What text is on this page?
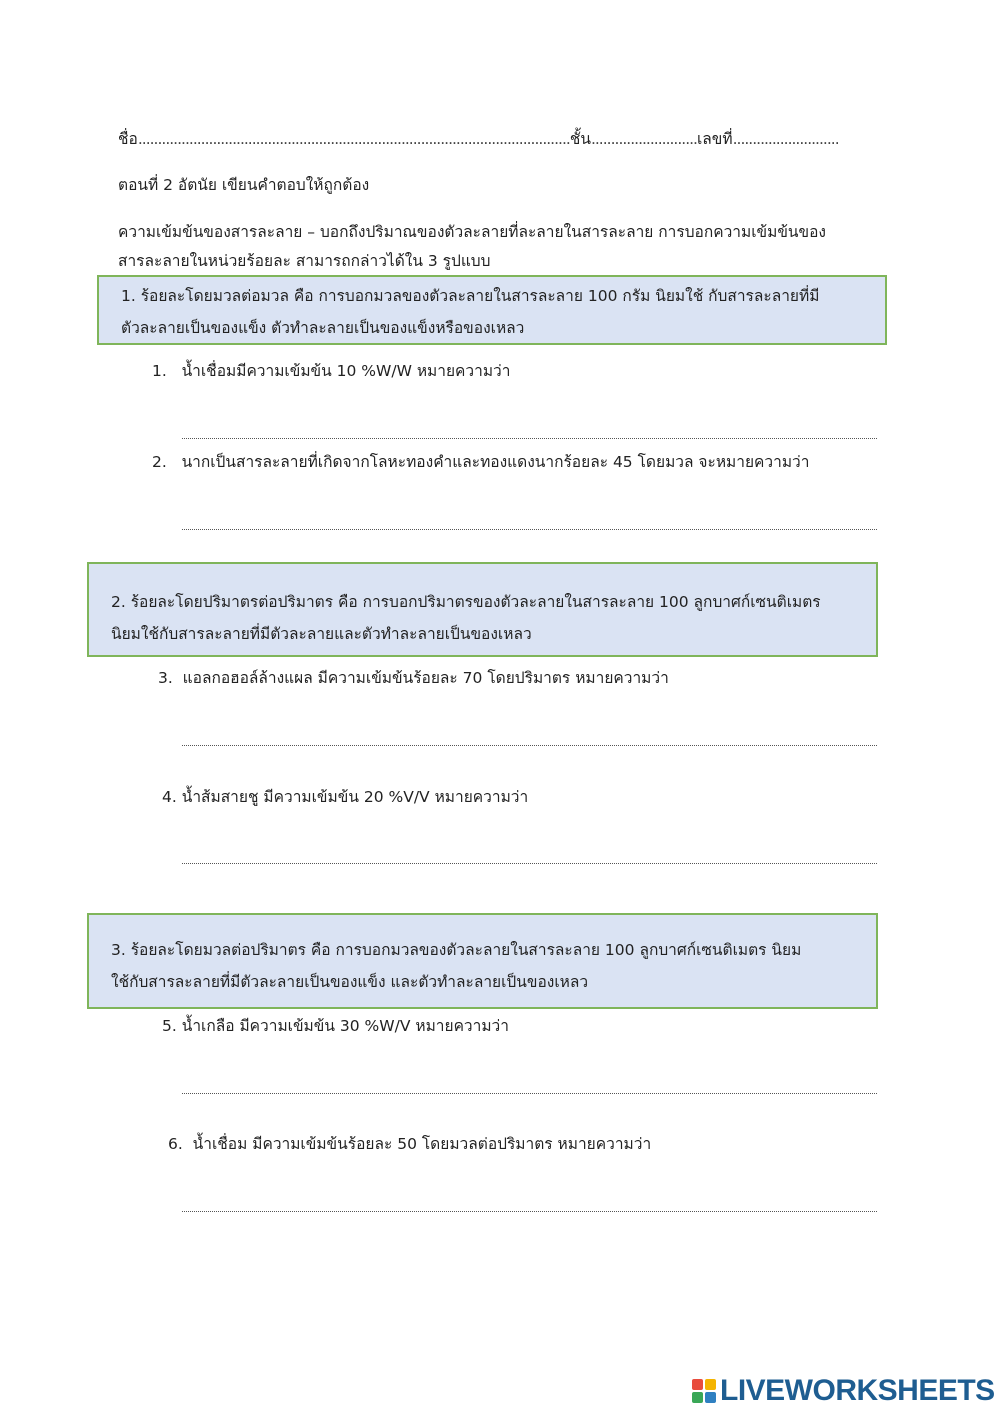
ชื่อ..............................................................................................................ชั้น...........................เลขที่...........................
ตอนที่ 2 อัตนัย เขียนคำตอบให้ถูกต้อง
ความเข้มข้นของสารละลาย – บอกถึงปริมาณของตัวละลายที่ละลายในสารละลาย การบอกความเข้มข้นของ
สารละลายในหน่วยร้อยละ สามารถกล่าวได้ใน 3 รูปแบบ
1. ร้อยละโดยมวลต่อมวล คือ การบอกมวลของตัวละลายในสารละลาย 100 กรัม นิยมใช้ กับสารละลายที่มี
ตัวละลายเป็นของแข็ง ตัวทำละลายเป็นของแข็งหรือของเหลว
1. น้ำเชื่อมมีความเข้มข้น 10 %W/W หมายความว่า
2. นากเป็นสารละลายที่เกิดจากโลหะทองคำและทองแดงนากร้อยละ 45 โดยมวล จะหมายความว่า
2. ร้อยละโดยปริมาตรต่อปริมาตร คือ การบอกปริมาตรของตัวละลายในสารละลาย 100 ลูกบาศก์เซนติเมตร
นิยมใช้กับสารละลายที่มีตัวละลายและตัวทำละลายเป็นของเหลว
3. แอลกอฮอล์ล้างแผล มีความเข้มข้นร้อยละ 70 โดยปริมาตร หมายความว่า
4. น้ำส้มสายชู มีความเข้มข้น 20 %V/V หมายความว่า
3. ร้อยละโดยมวลต่อปริมาตร คือ การบอกมวลของตัวละลายในสารละลาย 100 ลูกบาศก์เซนติเมตร นิยม
ใช้กับสารละลายที่มีตัวละลายเป็นของแข็ง และตัวทำละลายเป็นของเหลว
5. น้ำเกลือ มีความเข้มข้น 30 %W/V หมายความว่า
6. น้ำเชื่อม มีความเข้มข้นร้อยละ 50 โดยมวลต่อปริมาตร หมายความว่า
LIVEWORKSHEETS
